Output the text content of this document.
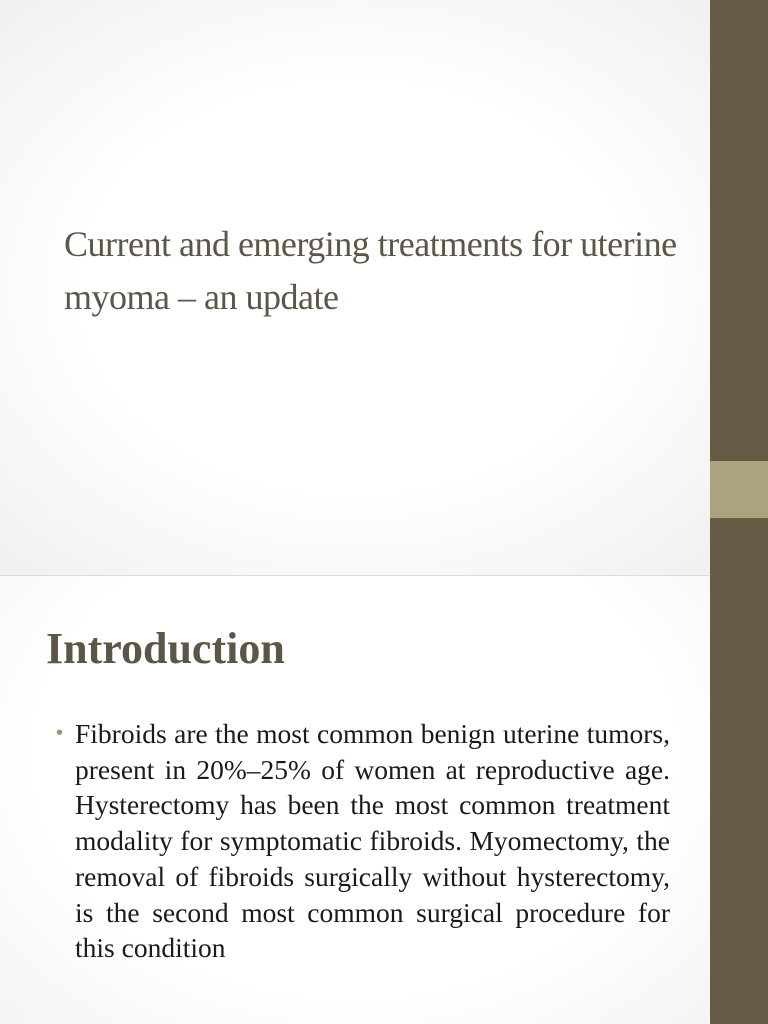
Current and emerging treatments for uterine myoma – an update
Introduction
• Fibroids are the most common benign uterine tumors, present in 20%–25% of women at reproductive age. Hysterectomy has been the most common treatment modality for symptomatic fibroids. Myomectomy, the removal of fibroids surgically without hysterectomy, is the second most common surgical procedure for this condition
